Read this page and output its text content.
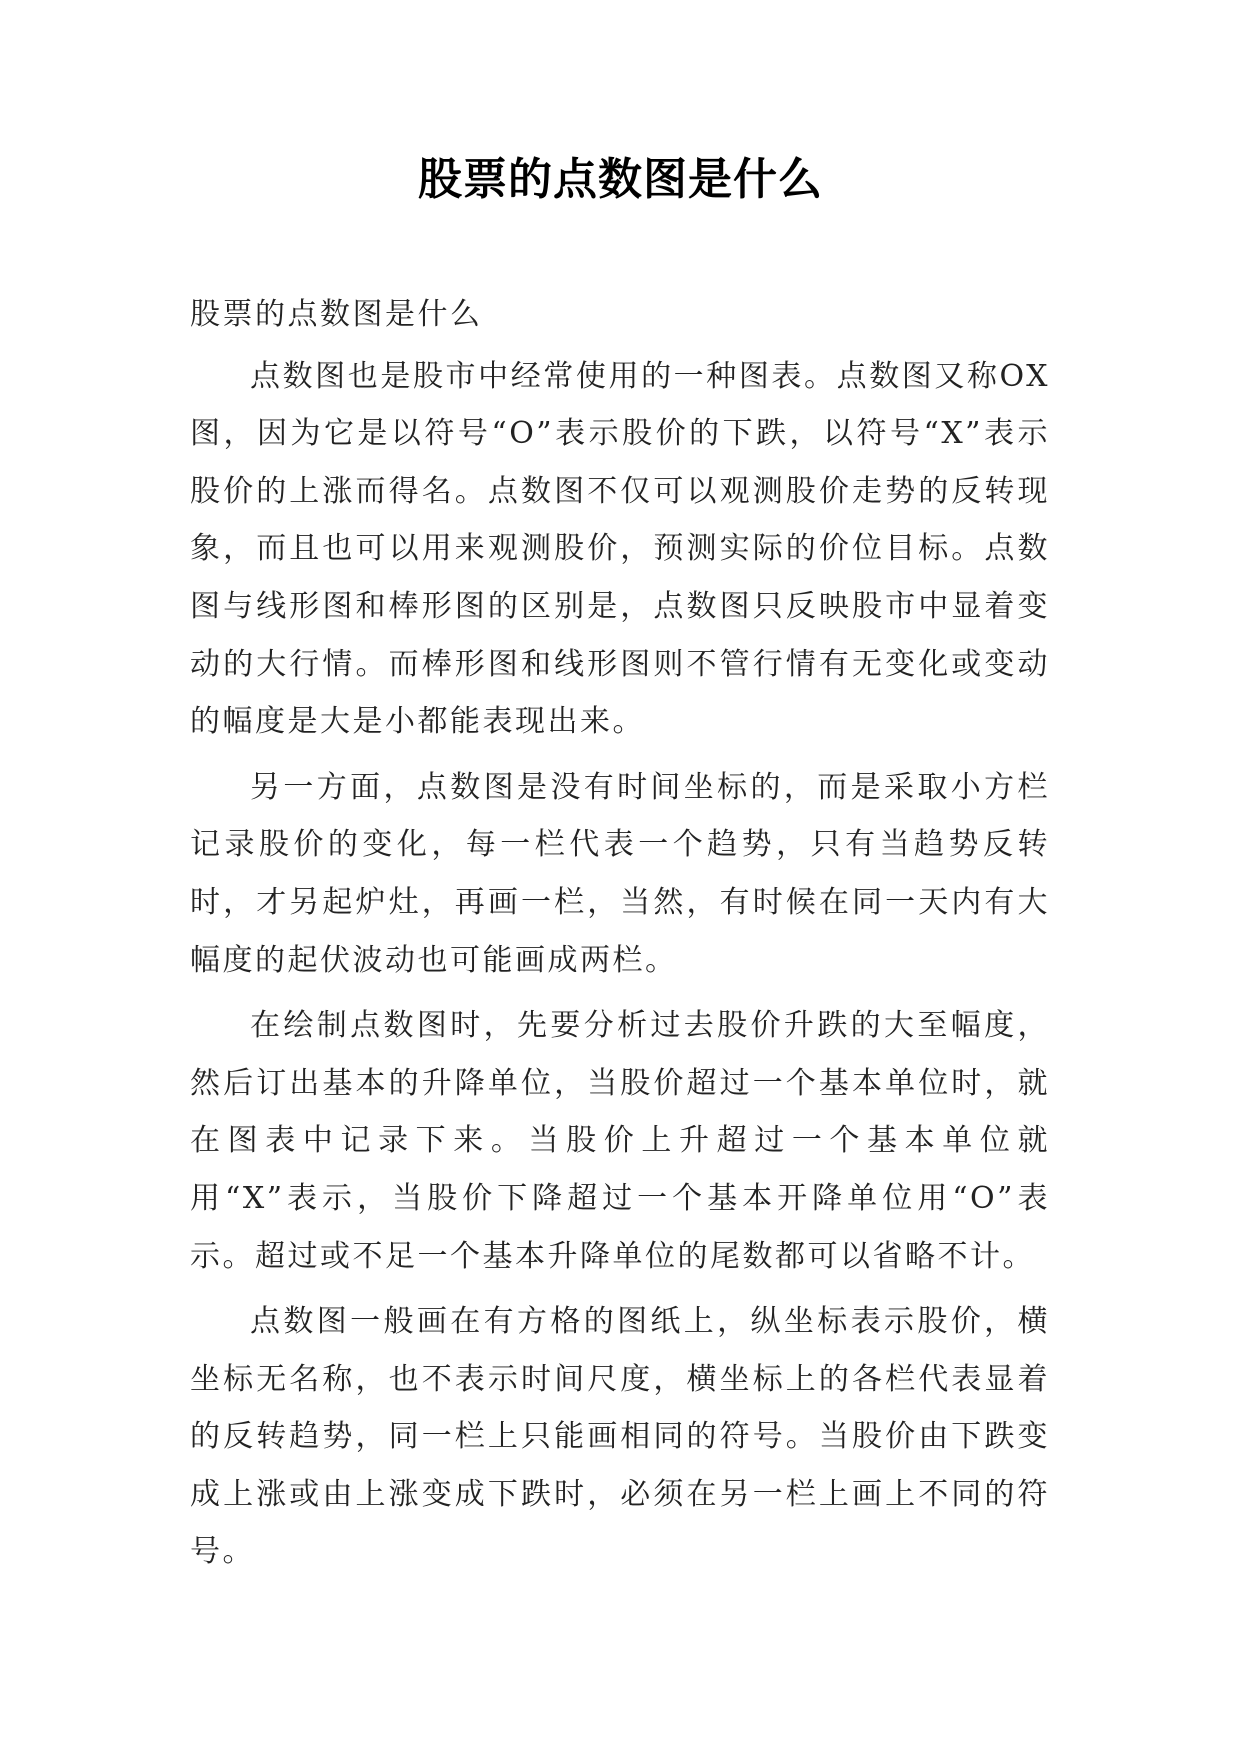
股票的点数图是什么

股票的点数图是什么

点数图也是股市中经常使用的一种图表。点数图又称OX图，因为它是以符号“O”表示股价的下跌，以符号“X”表示股价的上涨而得名。点数图不仅可以观测股价走势的反转现象，而且也可以用来观测股价，预测实际的价位目标。点数图与线形图和棒形图的区别是，点数图只反映股市中显着变动的大行情。而棒形图和线形图则不管行情有无变化或变动的幅度是大是小都能表现出来。

另一方面，点数图是没有时间坐标的，而是采取小方栏记录股价的变化，每一栏代表一个趋势，只有当趋势反转时，才另起炉灶，再画一栏，当然，有时候在同一天内有大幅度的起伏波动也可能画成两栏。

在绘制点数图时，先要分析过去股价升跌的大至幅度，然后订出基本的升降单位，当股价超过一个基本单位时，就在图表中记录下来。当股价上升超过一个基本单位就用“X”表示，当股价下降超过一个基本开降单位用“O”表示。超过或不足一个基本升降单位的尾数都可以省略不计。

点数图一般画在有方格的图纸上，纵坐标表示股价，横坐标无名称，也不表示时间尺度，横坐标上的各栏代表显着的反转趋势，同一栏上只能画相同的符号。当股价由下跌变成上涨或由上涨变成下跌时，必须在另一栏上画上不同的符号。
